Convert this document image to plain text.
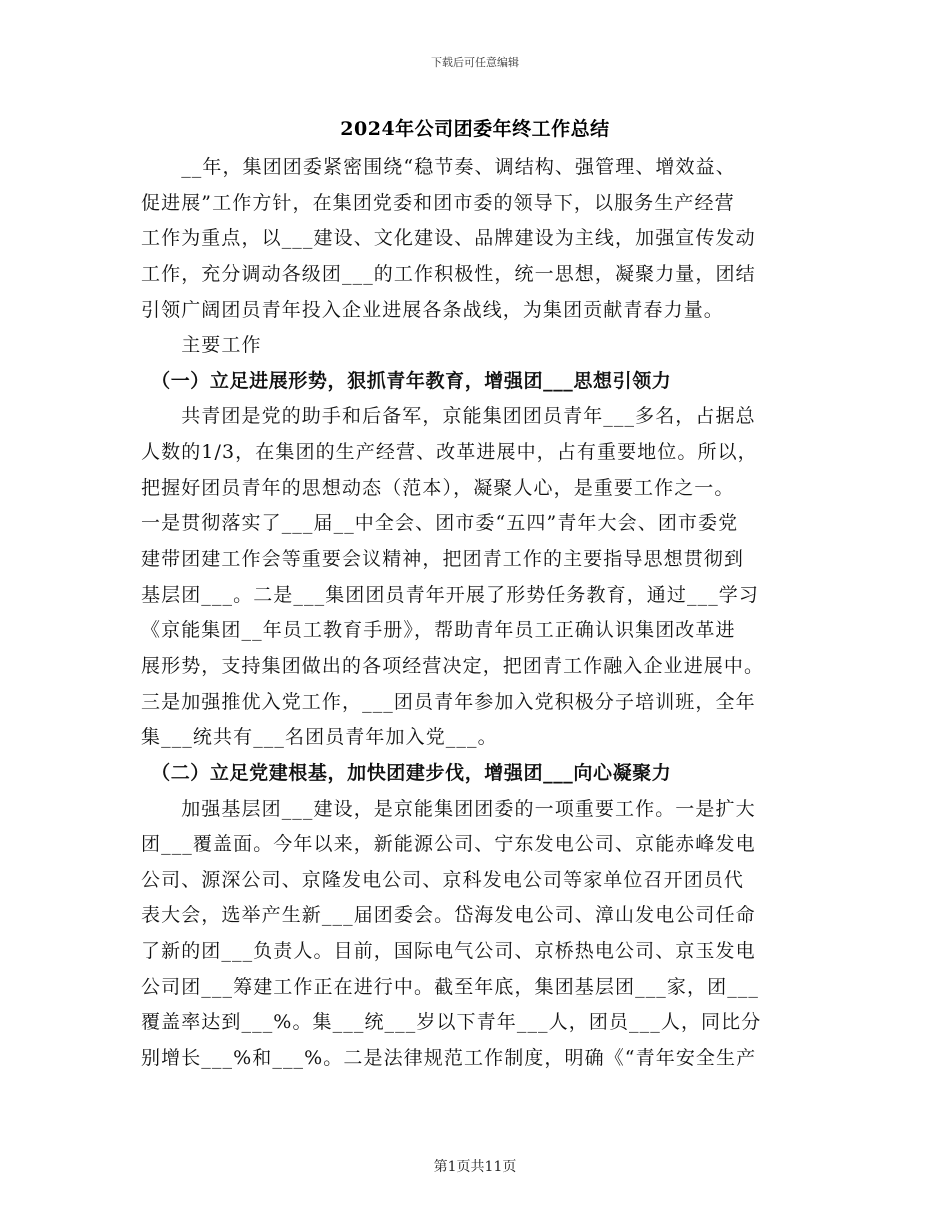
下载后可任意编辑
2024年公司团委年终工作总结
　　__年，集团团委紧密围绕“稳节奏、调结构、强管理、增效益、
促进展”工作方针，在集团党委和团市委的领导下，以服务生产经营
工作为重点，以___建设、文化建设、品牌建设为主线，加强宣传发动
工作，充分调动各级团___的工作积极性，统一思想，凝聚力量，团结
引领广阔团员青年投入企业进展各条战线，为集团贡献青春力量。
　　主要工作
　（一）立足进展形势，狠抓青年教育，增强团___思想引领力
　　共青团是党的助手和后备军，京能集团团员青年___多名，占据总
人数的1/3，在集团的生产经营、改革进展中，占有重要地位。所以，
把握好团员青年的思想动态（范本），凝聚人心，是重要工作之一。
一是贯彻落实了___届__中全会、团市委“五四”青年大会、团市委党
建带团建工作会等重要会议精神，把团青工作的主要指导思想贯彻到
基层团___。二是___集团团员青年开展了形势任务教育，通过___学习
《京能集团__年员工教育手册》，帮助青年员工正确认识集团改革进
展形势，支持集团做出的各项经营决定，把团青工作融入企业进展中。
三是加强推优入党工作，___团员青年参加入党积极分子培训班，全年
集___统共有___名团员青年加入党___。
　（二）立足党建根基，加快团建步伐，增强团___向心凝聚力
　　加强基层团___建设，是京能集团团委的一项重要工作。一是扩大
团___覆盖面。今年以来，新能源公司、宁东发电公司、京能赤峰发电
公司、源深公司、京隆发电公司、京科发电公司等家单位召开团员代
表大会，选举产生新___届团委会。岱海发电公司、漳山发电公司任命
了新的团___负责人。目前，国际电气公司、京桥热电公司、京玉发电
公司团___筹建工作正在进行中。截至年底，集团基层团___家，团___
覆盖率达到___%。集___统___岁以下青年___人，团员___人，同比分
别增长___%和___%。二是法律规范工作制度，明确《“青年安全生产
第1页共11页
